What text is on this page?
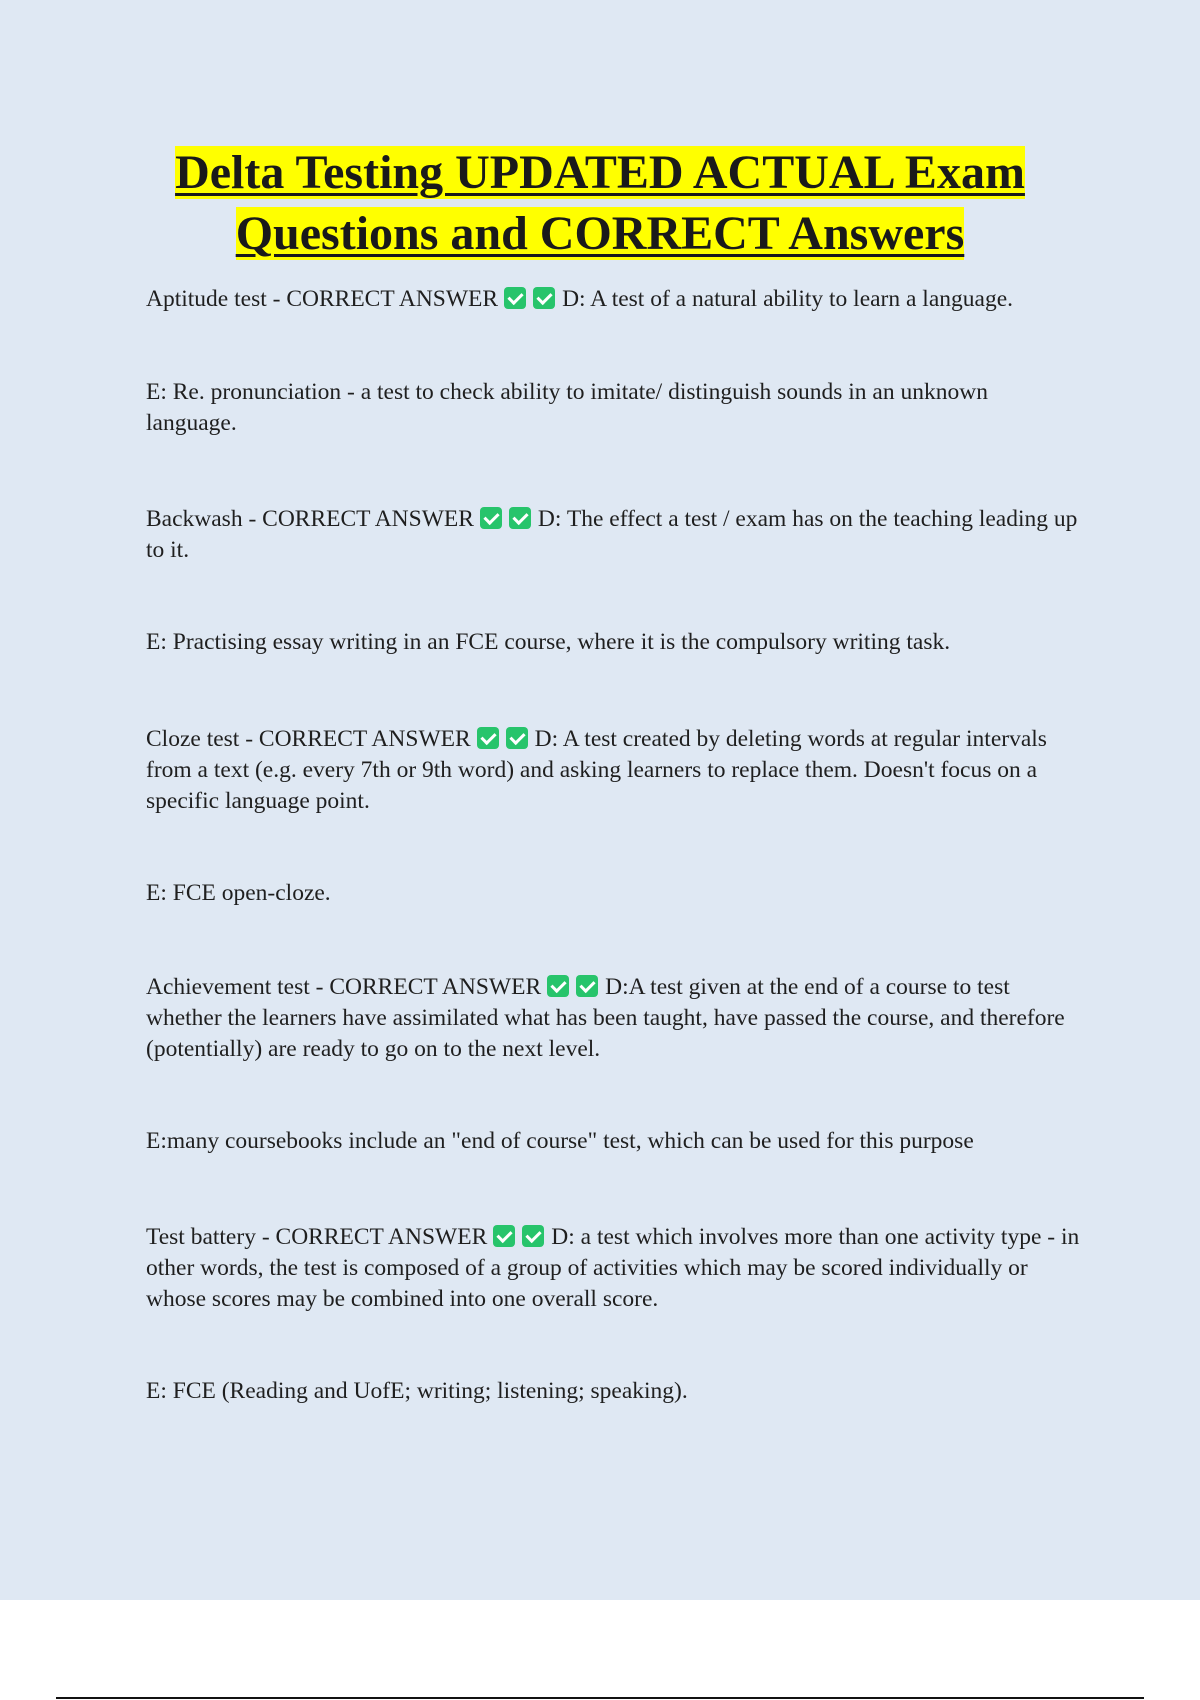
Delta Testing UPDATED ACTUAL Exam
Questions and CORRECT Answers

Aptitude test - CORRECT ANSWER	D: A test of a natural ability to learn a language.

E: Re. pronunciation - a test to check ability to imitate/ distinguish sounds in an unknown language.

Backwash - CORRECT ANSWER	D: The effect a test / exam has on the teaching leading up to it.

E: Practising essay writing in an FCE course, where it is the compulsory writing task.

Cloze test - CORRECT ANSWER	D: A test created by deleting words at regular intervals from a text (e.g. every 7th or 9th word) and asking learners to replace them. Doesn't focus on a specific language point.

E: FCE open-cloze.

Achievement test - CORRECT ANSWER	D:A test given at the end of a course to test whether the learners have assimilated what has been taught, have passed the course, and therefore (potentially) are ready to go on to the next level.

E:many coursebooks include an "end of course" test, which can be used for this purpose

Test battery - CORRECT ANSWER	D: a test which involves more than one activity type - in other words, the test is composed of a group of activities which may be scored individually or whose scores may be combined into one overall score.

E: FCE (Reading and UofE; writing; listening; speaking).
